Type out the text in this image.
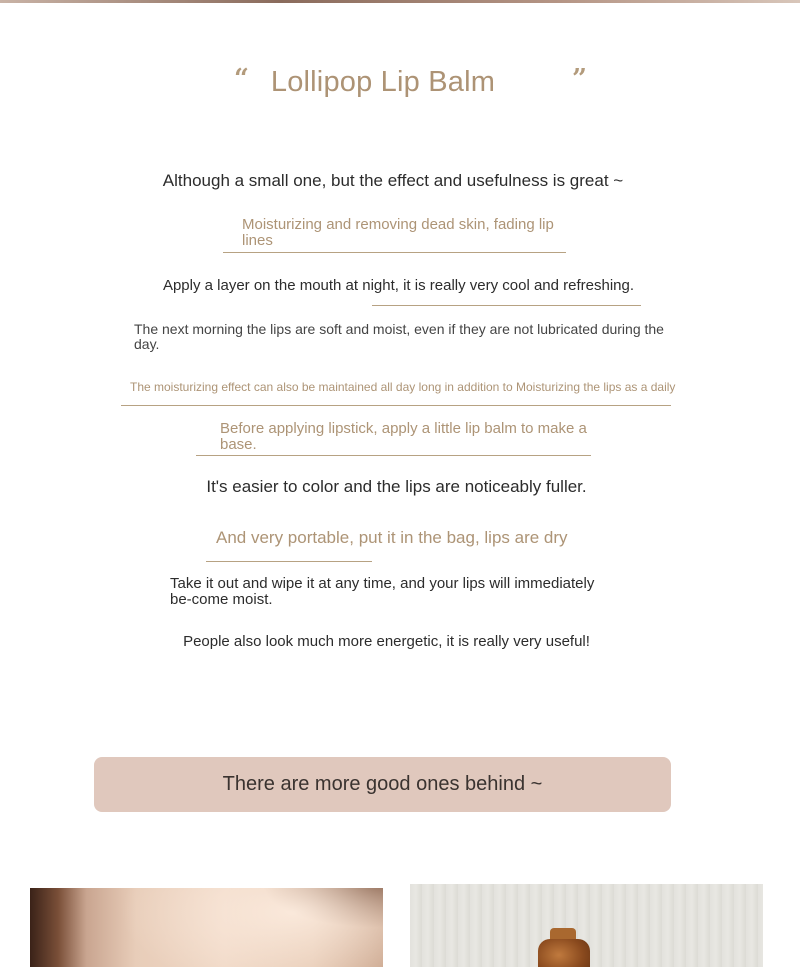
“ Lollipop Lip Balm	”
Although a small one, but the effect and usefulness is great ~
Moisturizing and removing dead skin, fading lip lines
Apply a layer on the mouth at night, it is really very cool and refreshing.
The next morning the lips are soft and moist, even if they are not lubricated during the day.
The moisturizing effect can also be maintained all day long in addition to Moisturizing the lips as a daily
Before applying lipstick, apply a little lip balm to make a base.
It's easier to color and the lips are noticeably fuller.
And very portable, put it in the bag, lips are dry
Take it out and wipe it at any time, and your lips will immediately be-come moist.
People also look much more energetic, it is really very useful!
There are more good ones behind ~
